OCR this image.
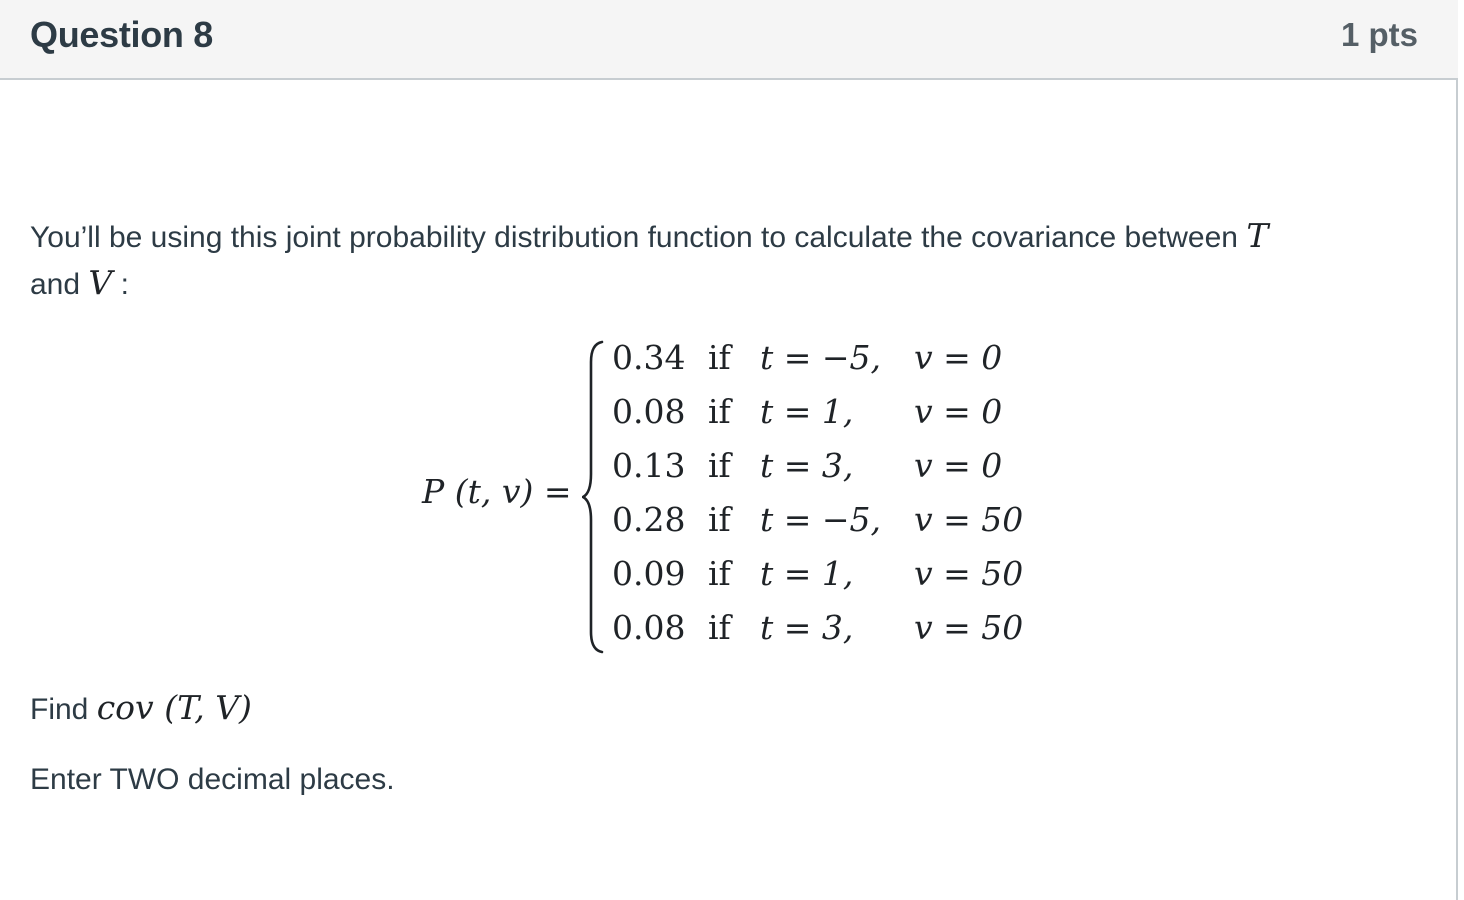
Question 8	1 pts
You’ll be using this joint probability distribution function to calculate the covariance between T
and V :
P (t, v) =
0.34 if t = −5, v = 0
0.08 if t = 1, v = 0
0.13 if t = 3, v = 0
0.28 if t = −5, v = 50
0.09 if t = 1, v = 50
0.08 if t = 3, v = 50
Find cov (T, V)
Enter TWO decimal places.
